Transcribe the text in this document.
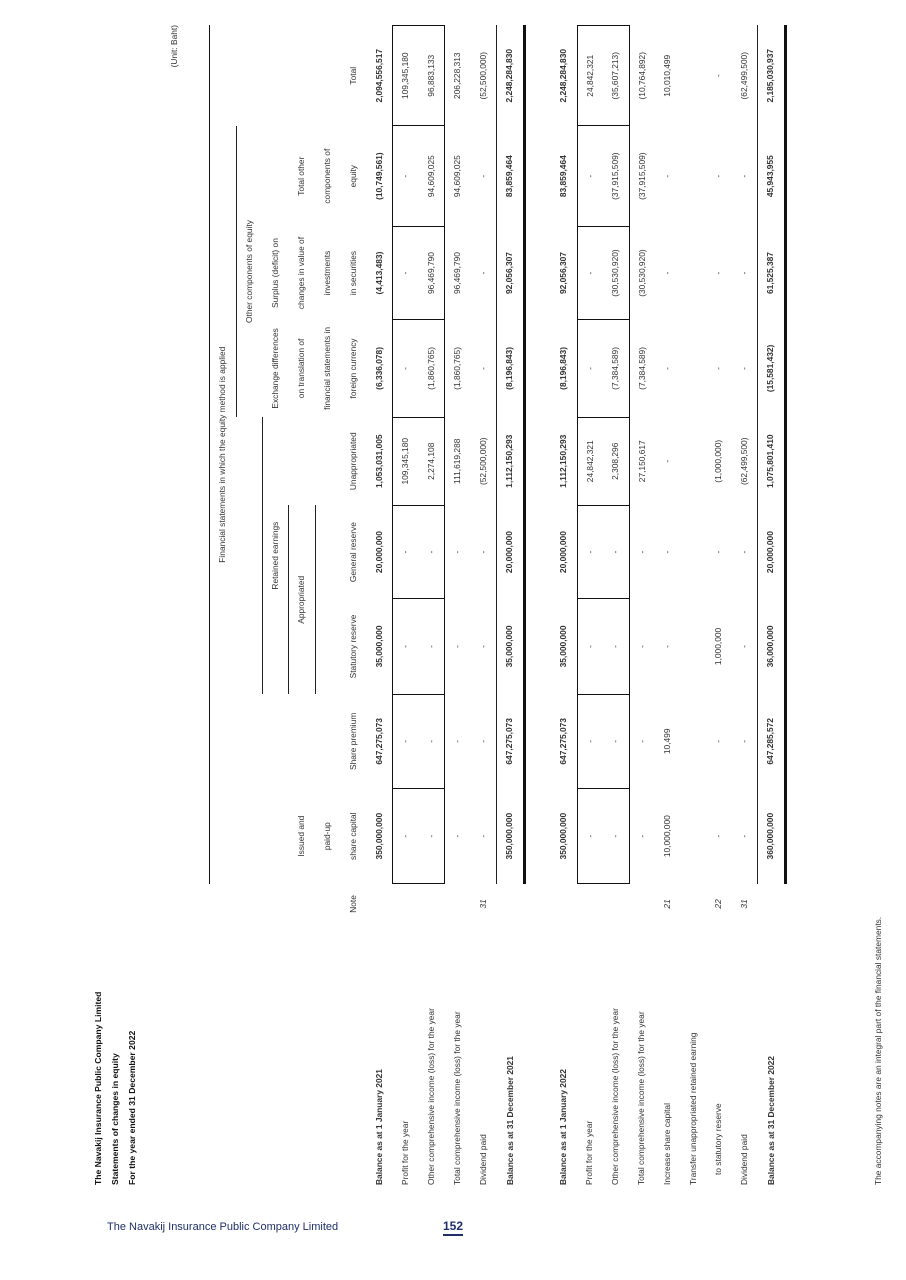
The Navakij Insurance Public Company Limited Statements of changes in equity For the year ended 31 December 2022
(Unit: Baht)
		Financial statements in which the equity method is applied								
							Other components of equity			
				Retained earnings			Exchange differences	Surplus (deficit) on		
		Issued and		Appropriated			on translation of	changes in value of	Total other	
		paid-up					financial statements in	investments	components of	
	Note	share capital	Share premium	Statutory reserve	General reserve	Unappropriated	foreign currency	in securities	equity	Total
Balance as at 1 January 2021		350,000,000	647,275,073	35,000,000	20,000,000	1,053,031,005	(6,336,078)	(4,413,483)	(10,749,561)	2,094,556,517
Profit for the year		-	-	-	-	109,345,180	-	-	-	109,345,180
Other comprehensive income (loss) for the year		-	-	-	-	2,274,108	(1,860,765)	96,469,790	94,609,025	96,883,133
Total comprehensive income (loss) for the year		-	-	-	-	111,619,288	(1,860,765)	96,469,790	94,609,025	206,228,313
Dividend paid	31	-	-	-	-	(52,500,000)	-	-	-	(52,500,000)
Balance as at 31 December 2021		350,000,000	647,275,073	35,000,000	20,000,000	1,112,150,293	(8,196,843)	92,056,307	83,859,464	2,248,284,830

Balance as at 1 January 2022		350,000,000	647,275,073	35,000,000	20,000,000	1,112,150,293	(8,196,843)	92,056,307	83,859,464	2,248,284,830
Profit for the year		-	-	-	-	24,842,321	-	-	-	24,842,321
Other comprehensive income (loss) for the year		-	-	-	-	2,308,296	(7,384,589)	(30,530,920)	(37,915,509)	(35,607,213)
Total comprehensive income (loss) for the year		-	-	-	-	27,150,617	(7,384,589)	(30,530,920)	(37,915,509)	(10,764,892)
Increase share capital	21	10,000,000	10,499	-	-	-	-	-	-	10,010,499
Transfer unappropriated retained earning										
to statutory reserve	22	-	-	1,000,000	-	(1,000,000)	-	-	-	-
Dividend paid	31	-	-	-	-	(62,499,500)	-	-	-	(62,499,500)
Balance as at 31 December 2022		360,000,000	647,285,572	36,000,000	20,000,000	1,075,801,410	(15,581,432)	61,525,387	45,943,955	2,185,030,937
The accompanying notes are an integral part of the financial statements.
The Navakij Insurance Public Company Limited	152
